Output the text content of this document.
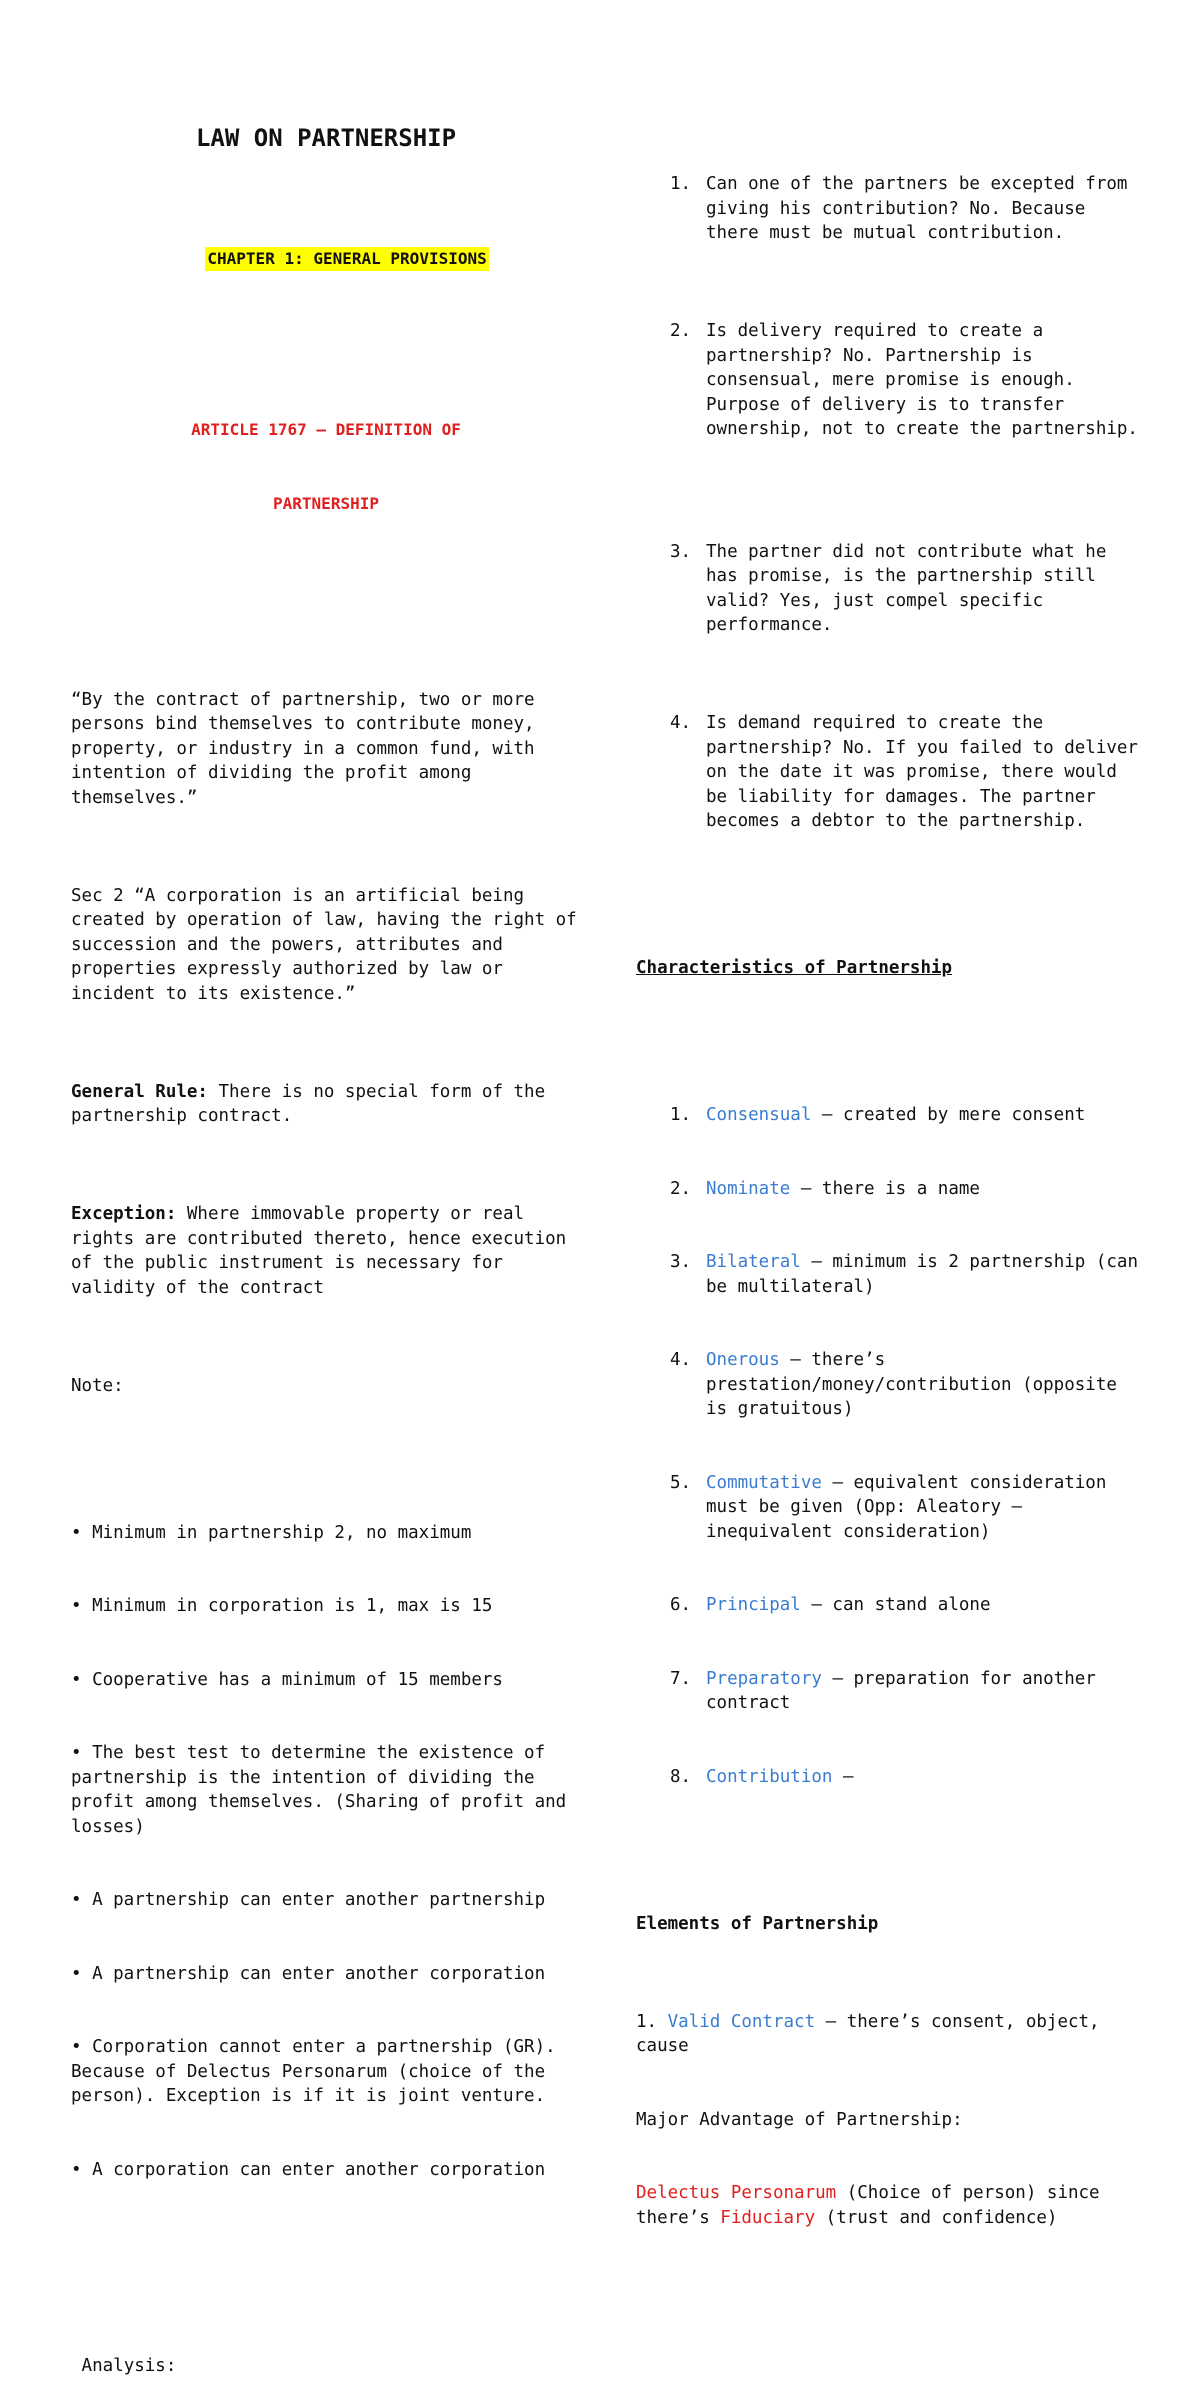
LAW ON PARTNERSHIP

CHAPTER 1: GENERAL PROVISIONS

ARTICLE 1767 – DEFINITION OF

PARTNERSHIP

“By the contract of partnership, two or more persons bind themselves to contribute money, property, or industry in a common fund, with intention of dividing the profit among themselves.”

Sec 2 “A corporation is an artificial being created by operation of law, having the right of succession and the powers, attributes and properties expressly authorized by law or incident to its existence.”

General Rule: There is no special form of the partnership contract.

Exception: Where immovable property or real rights are contributed thereto, hence execution of the public instrument is necessary for validity of the contract

Note:

• Minimum in partnership 2, no maximum

• Minimum in corporation is 1, max is 15

• Cooperative has a minimum of 15 members

• The best test to determine the existence of   partnership is the intention of dividing the profit among themselves. (Sharing of profit and losses)

• A partnership can enter another partnership

• A partnership can enter another corporation

• Corporation cannot enter a partnership (GR). Because of Delectus Personarum (choice of the person). Exception is if it is joint venture.

• A corporation can enter another corporation

Analysis:

1. Can one of the partners be excepted from giving his contribution? No. Because there must be mutual contribution.

2. Is delivery required to create a partnership? No. Partnership is consensual, mere promise is enough. Purpose of delivery is to transfer ownership, not to create the partnership.

3. The partner did not contribute what he has promise, is the partnership still valid? Yes, just compel specific performance.

4. Is demand required to create the partnership? No. If you failed to deliver on the date it was promise, there would be liability for damages. The partner becomes a debtor to the partnership.

Characteristics of Partnership

1. Consensual – created by mere consent

2. Nominate – there is a name

3. Bilateral – minimum is 2 partnership (can be multilateral)

4. Onerous – there’s prestation/money/contribution (opposite is gratuitous)

5. Commutative – equivalent consideration
must be given (Opp: Aleatory – inequivalent consideration)

6. Principal – can stand alone

7. Preparatory – preparation for another
contract

8. Contribution –

Elements of Partnership

1. Valid Contract – there’s consent, object,     cause

Major Advantage of Partnership:

Delectus Personarum (Choice of person) since there’s Fiduciary (trust and confidence)
